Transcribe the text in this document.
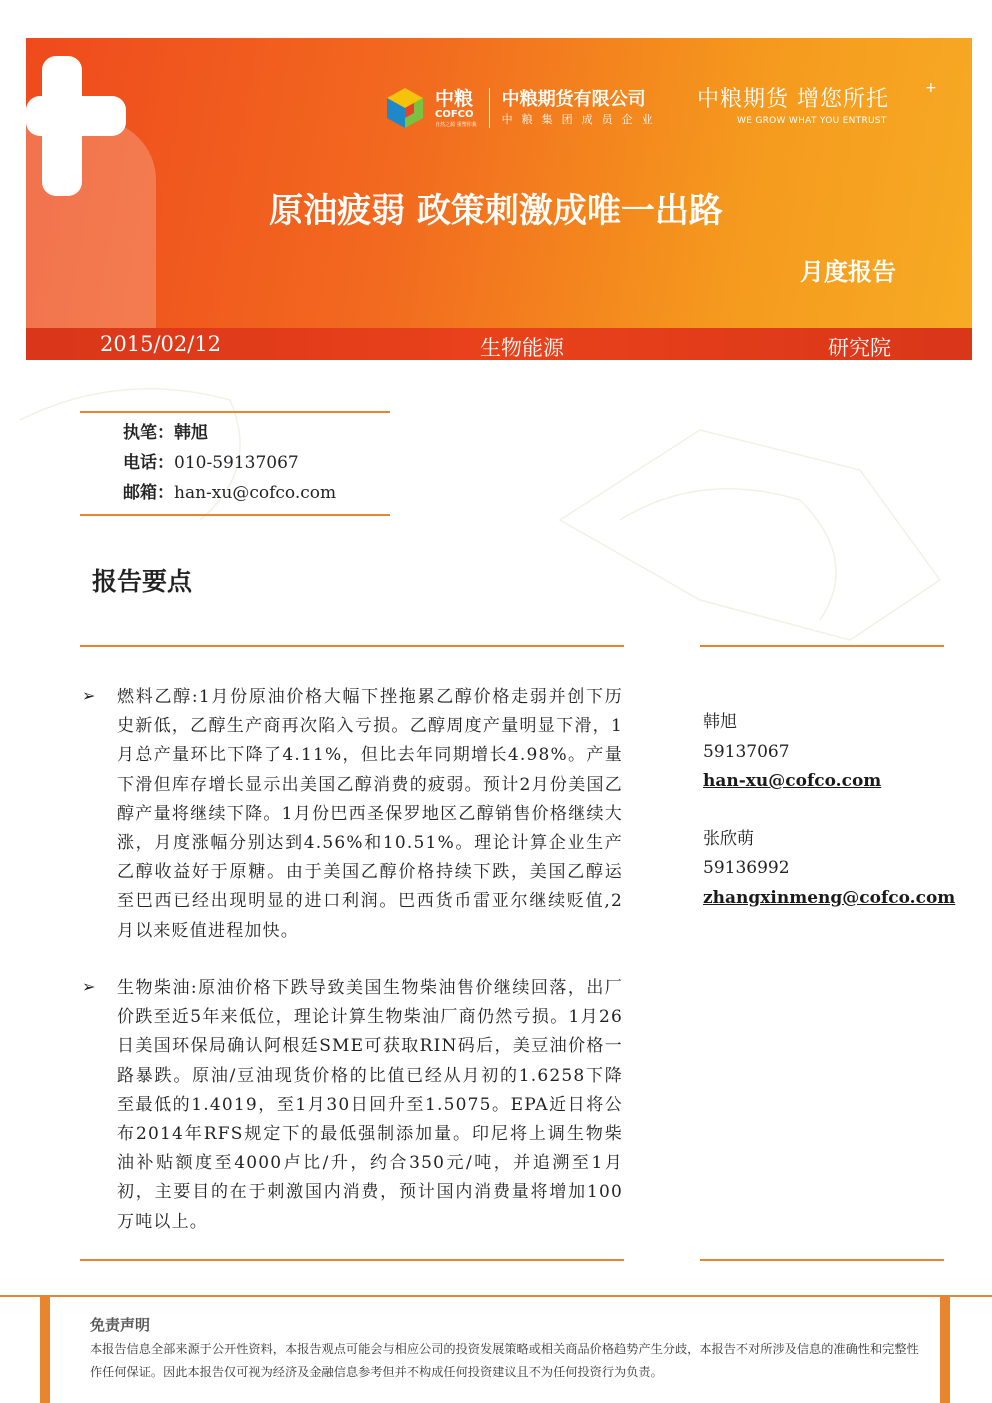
中粮
COFCO
自然之源 重塑你我
中粮期货有限公司
中粮集团成员企业
中粮期货 增您所托
WE GROW WHAT YOU ENTRUST
+
原油疲弱 政策刺激成唯一出路
月度报告
2015/02/12	生物能源	研究院
执笔：韩旭
电话：010-59137067
邮箱：han-xu@cofco.com
报告要点
➢ 燃料乙醇:1月份原油价格大幅下挫拖累乙醇价格走弱并创下历史新低，乙醇生产商再次陷入亏损。乙醇周度产量明显下滑，1月总产量环比下降了4.11%，但比去年同期增长4.98%。产量下滑但库存增长显示出美国乙醇消费的疲弱。预计2月份美国乙醇产量将继续下降。1月份巴西圣保罗地区乙醇销售价格继续大涨，月度涨幅分别达到4.56%和10.51%。理论计算企业生产乙醇收益好于原糖。由于美国乙醇价格持续下跌，美国乙醇运至巴西已经出现明显的进口利润。巴西货币雷亚尔继续贬值,2月以来贬值进程加快。
➢ 生物柴油:原油价格下跌导致美国生物柴油售价继续回落，出厂价跌至近5年来低位，理论计算生物柴油厂商仍然亏损。1月26日美国环保局确认阿根廷SME可获取RIN码后，美豆油价格一路暴跌。原油/豆油现货价格的比值已经从月初的1.6258下降至最低的1.4019，至1月30日回升至1.5075。EPA近日将公布2014年RFS规定下的最低强制添加量。印尼将上调生物柴油补贴额度至4000卢比/升，约合350元/吨，并追溯至1月初，主要目的在于刺激国内消费，预计国内消费量将增加100万吨以上。
韩旭
59137067
han-xu@cofco.com
张欣萌
59136992
zhangxinmeng@cofco.com
免责声明
本报告信息全部来源于公开性资料，本报告观点可能会与相应公司的投资发展策略或相关商品价格趋势产生分歧，本报告不对所涉及信息的准确性和完整性作任何保证。因此本报告仅可视为经济及金融信息参考但并不构成任何投资建议且不为任何投资行为负责。
